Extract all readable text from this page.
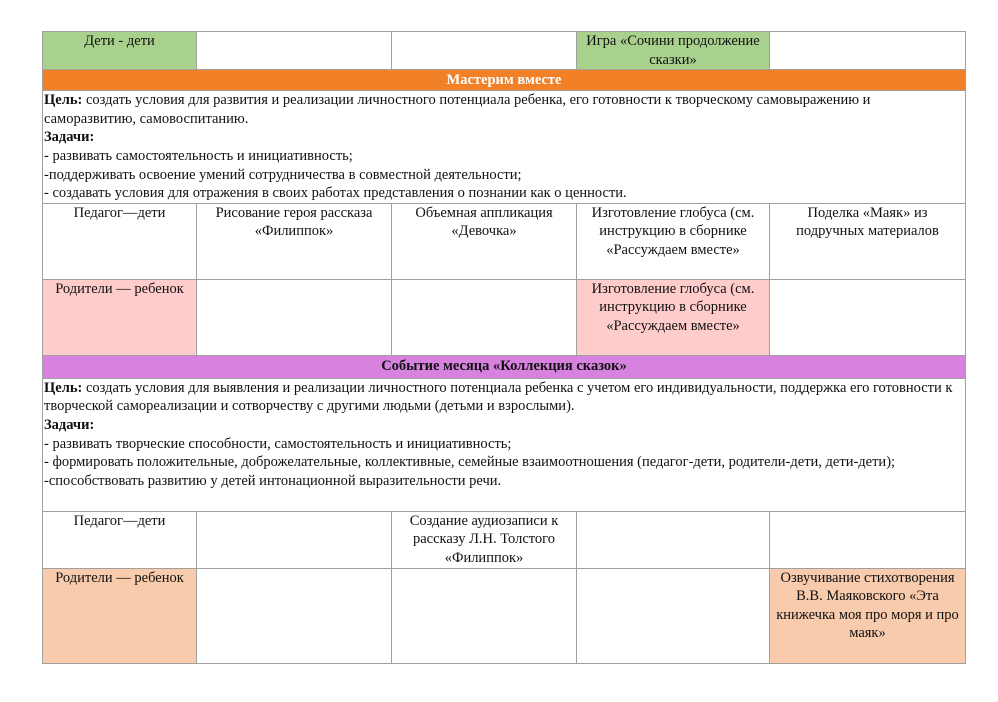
Дети - дети			Игра «Сочини продолжение сказки»	
Мастерим вместе				
Цель: создать условия для развития и реализации личностного потенциала ребенка, его готовности к творческому самовыражению и саморазвитию, самовоспитанию.
Задачи:
- развивать самостоятельность и инициативность;
-поддерживать освоение умений сотрудничества в совместной деятельности;
- создавать условия для отражения в своих работах представления о познании как о ценности.				

Педагог—дети	Рисование героя рассказа «Филиппок»	Объемная аппликация «Девочка»	Изготовление глобуса (см. инструкцию в сборнике «Рассуждаем вместе»	Поделка «Маяк» из подручных материалов
Родители — ребенок			Изготовление глобуса (см. инструкцию в сборнике «Рассуждаем вместе»	
Событие месяца «Коллекция сказок»				
Цель: создать условия для выявления и реализации личностного потенциала ребенка с учетом его индивидуальности, поддержка его готовности к творческой самореализации и сотворчеству с другими людьми (детьми и взрослыми).
Задачи:
- развивать творческие способности, самостоятельность и инициативность;
- формировать положительные, доброжелательные, коллективные, семейные взаимоотношения (педагог-дети, родители-дети, дети-дети);
-способствовать развитию у детей интонационной выразительности речи.				

Педагог—дети		Создание аудиозаписи к рассказу Л.Н. Толстого «Филиппок»		
Родители — ребенок				Озвучивание стихотворения В.В. Маяковского «Эта книжечка моя про моря и про маяк»
